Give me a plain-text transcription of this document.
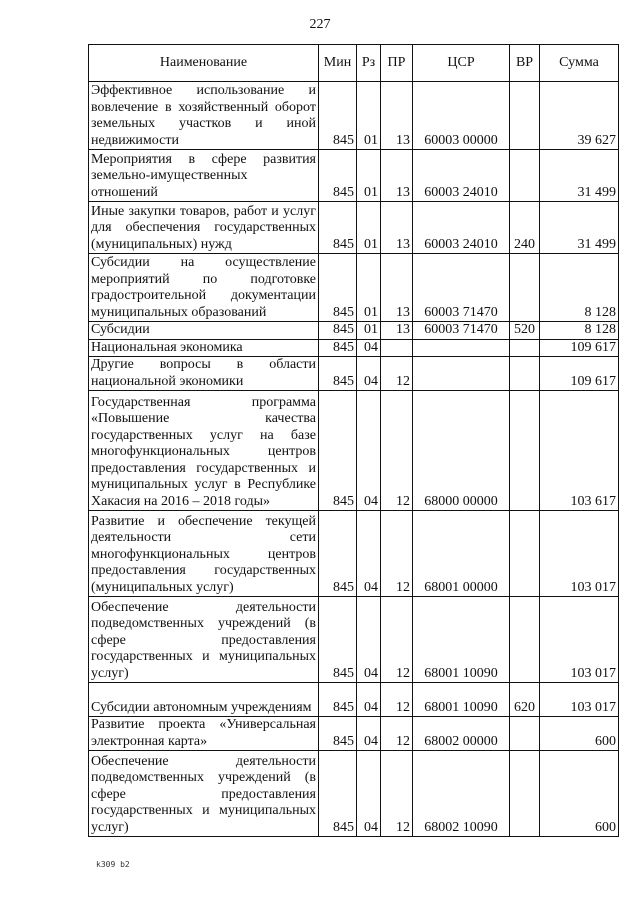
227
Наименование	Мин	Рз	ПР	ЦСР	ВР	Сумма
Эффективное использование и вовлечение в хозяйственный оборот земельных участков и иной недвижимости	845	01	13	60003 00000		39 627
Мероприятия в сфере развития земельно-имущественных отношений	845	01	13	60003 24010		31 499
Иные закупки товаров, работ и услуг для обеспечения государственных (муниципальных) нужд	845	01	13	60003 24010	240	31 499
Субсидии на осуществление мероприятий по подготовке градостроительной документации муниципальных образований	845	01	13	60003 71470		8 128
Субсидии	845	01	13	60003 71470	520	8 128
Национальная экономика	845	04				109 617
Другие вопросы в области национальной экономики	845	04	12			109 617
Государственная программа «Повышение качества государственных услуг на базе многофункциональных центров предоставления государственных и муниципальных услуг в Республике Хакасия на 2016 – 2018 годы»	845	04	12	68000 00000		103 617
Развитие и обеспечение текущей деятельности сети многофункциональных центров предоставления государственных (муниципальных услуг)	845	04	12	68001 00000		103 017
Обеспечение деятельности подведомственных учреждений (в сфере предоставления государственных и муниципальных услуг)	845	04	12	68001 10090		103 017
Субсидии автономным учреждениям	845	04	12	68001 10090	620	103 017
Развитие проекта «Универсальная электронная карта»	845	04	12	68002 00000		600
Обеспечение деятельности подведомственных учреждений (в сфере предоставления государственных и муниципальных услуг)	845	04	12	68002 10090		600
k309 b2
